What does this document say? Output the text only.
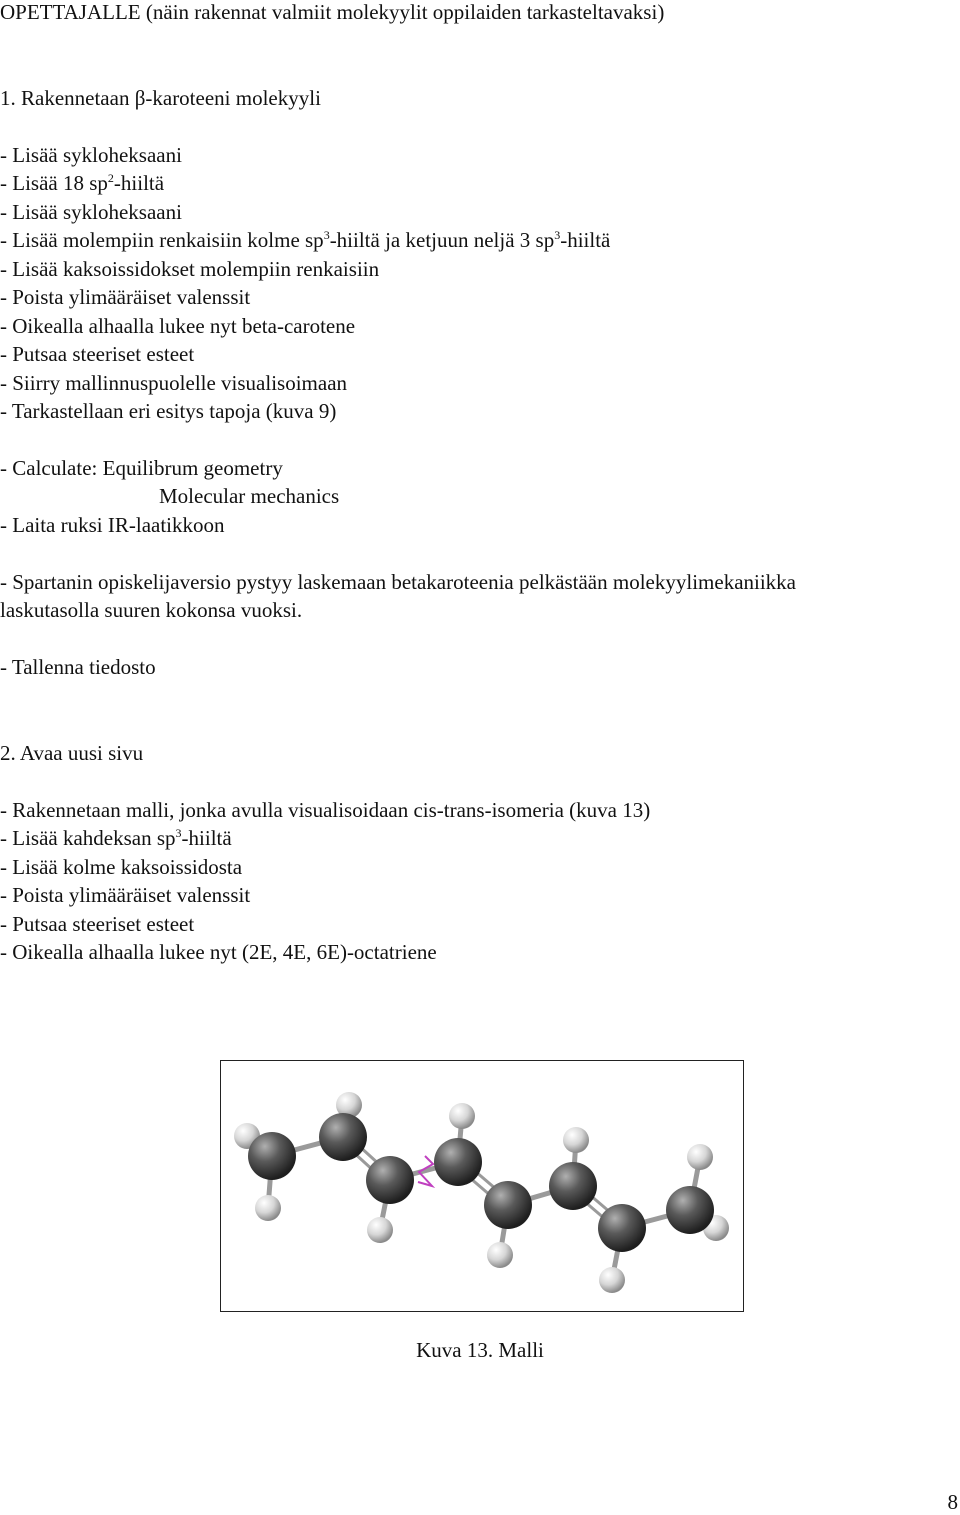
OPETTAJALLE (näin rakennat valmiit molekyylit oppilaiden tarkasteltavaksi)
1. Rakennetaan β-karoteeni molekyyli
- Lisää sykloheksaani
- Lisää 18 $sp^2$-hiiltä
- Lisää sykloheksaani
- Lisää molempiin renkaisiin kolme $sp^3$-hiiltä ja ketjuun neljä 3 $sp^3$-hiiltä
- Lisää kaksoissidokset molempiin renkaisiin
- Poista ylimääräiset valenssit
- Oikealla alhaalla lukee nyt beta-carotene
- Putsaa steeriset esteet
- Siirry mallinnuspuolelle visualisoimaan
- Tarkastellaan eri esitys tapoja (kuva 9)
- Calculate: Equilibrum geometry
Molecular mechanics
- Laita ruksi IR-laatikkoon
- Spartanin opiskelijaversio pystyy laskemaan betakaroteenia pelkästään molekyylimekaniikka
laskutasolla suuren kokonsa vuoksi.
- Tallenna tiedosto
2. Avaa uusi sivu
- Rakennetaan malli, jonka avulla visualisoidaan cis-trans-isomeria (kuva 13)
- Lisää kahdeksan $sp^3$-hiiltä
- Lisää kolme kaksoissidosta
- Poista ylimääräiset valenssit
- Putsaa steeriset esteet
- Oikealla alhaalla lukee nyt (2E, 4E, 6E)-octatriene
Kuva 13. Malli
8
